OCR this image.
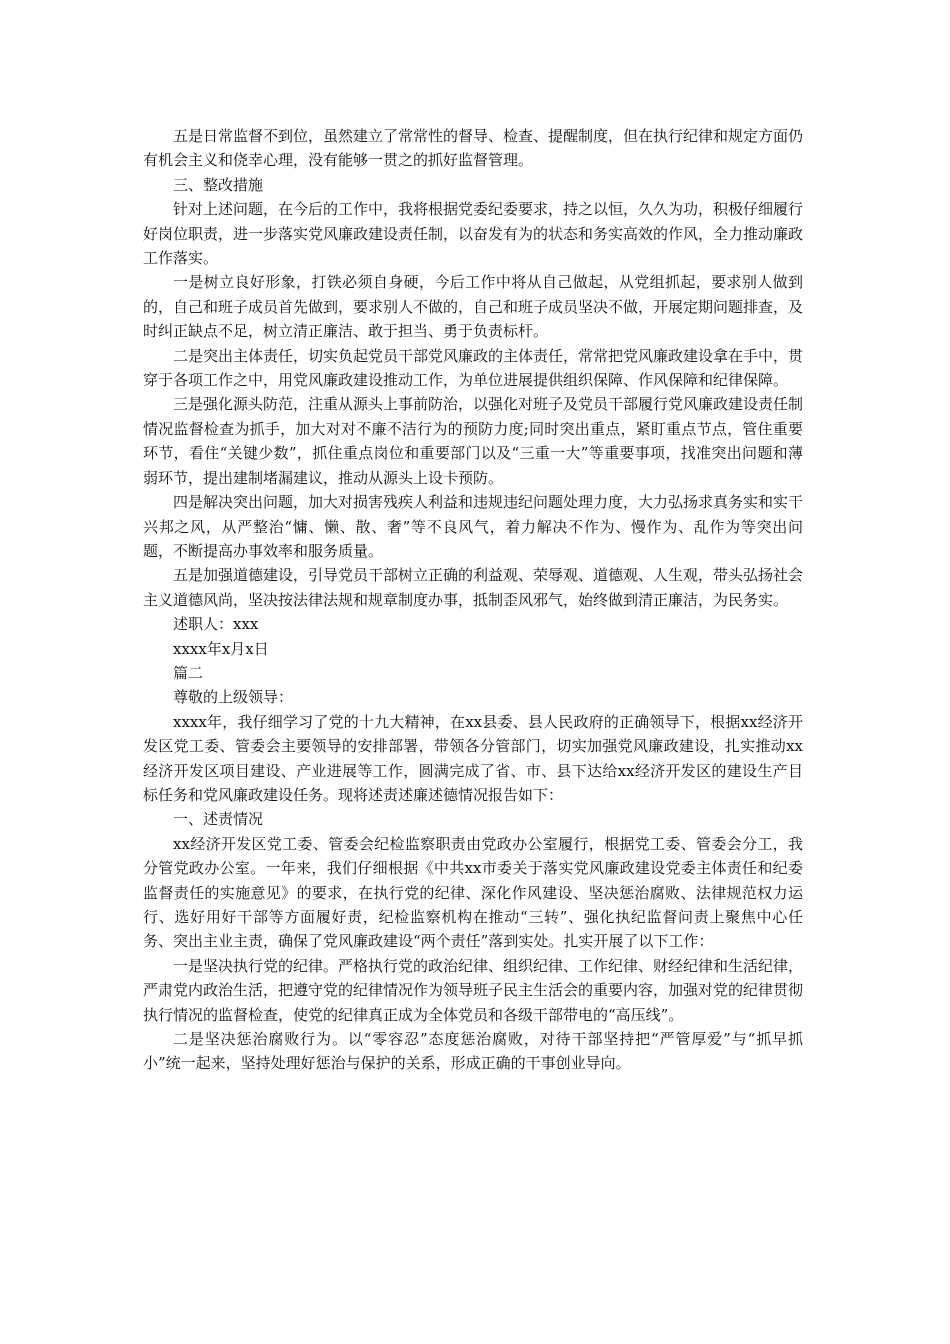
五是日常监督不到位，虽然建立了常常性的督导、检查、提醒制度，但在执行纪律和规定方面仍有机会主义和侥幸心理，没有能够一贯之的抓好监督管理。

三、整改措施

针对上述问题，在今后的工作中，我将根据党委纪委要求，持之以恒，久久为功，积极仔细履行好岗位职责，进一步落实党风廉政建设责任制，以奋发有为的状态和务实高效的作风，全力推动廉政工作落实。

一是树立良好形象，打铁必须自身硬，今后工作中将从自己做起，从党组抓起，要求别人做到的，自己和班子成员首先做到，要求别人不做的，自己和班子成员坚决不做，开展定期问题排查，及时纠正缺点不足，树立清正廉洁、敢于担当、勇于负责标杆。

二是突出主体责任，切实负起党员干部党风廉政的主体责任，常常把党风廉政建设拿在手中，贯穿于各项工作之中，用党风廉政建设推动工作，为单位进展提供组织保障、作风保障和纪律保障。

三是强化源头防范，注重从源头上事前防治，以强化对班子及党员干部履行党风廉政建设责任制情况监督检查为抓手，加大对对不廉不洁行为的预防力度;同时突出重点，紧盯重点节点，管住重要环节，看住“关键少数”，抓住重点岗位和重要部门以及“三重一大”等重要事项，找准突出问题和薄弱环节，提出建制堵漏建议，推动从源头上设卡预防。

四是解决突出问题，加大对损害残疾人利益和违规违纪问题处理力度，大力弘扬求真务实和实干兴邦之风，从严整治“慵、懒、散、奢”等不良风气，着力解决不作为、慢作为、乱作为等突出问题，不断提高办事效率和服务质量。

五是加强道德建设，引导党员干部树立正确的利益观、荣辱观、道德观、人生观，带头弘扬社会主义道德风尚，坚决按法律法规和规章制度办事，抵制歪风邪气，始终做到清正廉洁，为民务实。

述职人：xxx

xxxx年x月x日

篇二

尊敬的上级领导：

xxxx年，我仔细学习了党的十九大精神，在xx县委、县人民政府的正确领导下，根据xx经济开发区党工委、管委会主要领导的安排部署，带领各分管部门，切实加强党风廉政建设，扎实推动xx经济开发区项目建设、产业进展等工作，圆满完成了省、市、县下达给xx经济开发区的建设生产目标任务和党风廉政建设任务。现将述责述廉述德情况报告如下：

一、述责情况

xx经济开发区党工委、管委会纪检监察职责由党政办公室履行，根据党工委、管委会分工，我分管党政办公室。一年来，我们仔细根据《中共xx市委关于落实党风廉政建设党委主体责任和纪委监督责任的实施意见》的要求，在执行党的纪律、深化作风建设、坚决惩治腐败、法律规范权力运行、选好用好干部等方面履好责，纪检监察机构在推动“三转”、强化执纪监督问责上聚焦中心任务、突出主业主责，确保了党风廉政建设“两个责任”落到实处。扎实开展了以下工作：

一是坚决执行党的纪律。严格执行党的政治纪律、组织纪律、工作纪律、财经纪律和生活纪律，严肃党内政治生活，把遵守党的纪律情况作为领导班子民主生活会的重要内容，加强对党的纪律贯彻执行情况的监督检查，使党的纪律真正成为全体党员和各级干部带电的“高压线”。

二是坚决惩治腐败行为。以“零容忍”态度惩治腐败，对待干部坚持把“严管厚爱”与“抓早抓小”统一起来，坚持处理好惩治与保护的关系，形成正确的干事创业导向。
